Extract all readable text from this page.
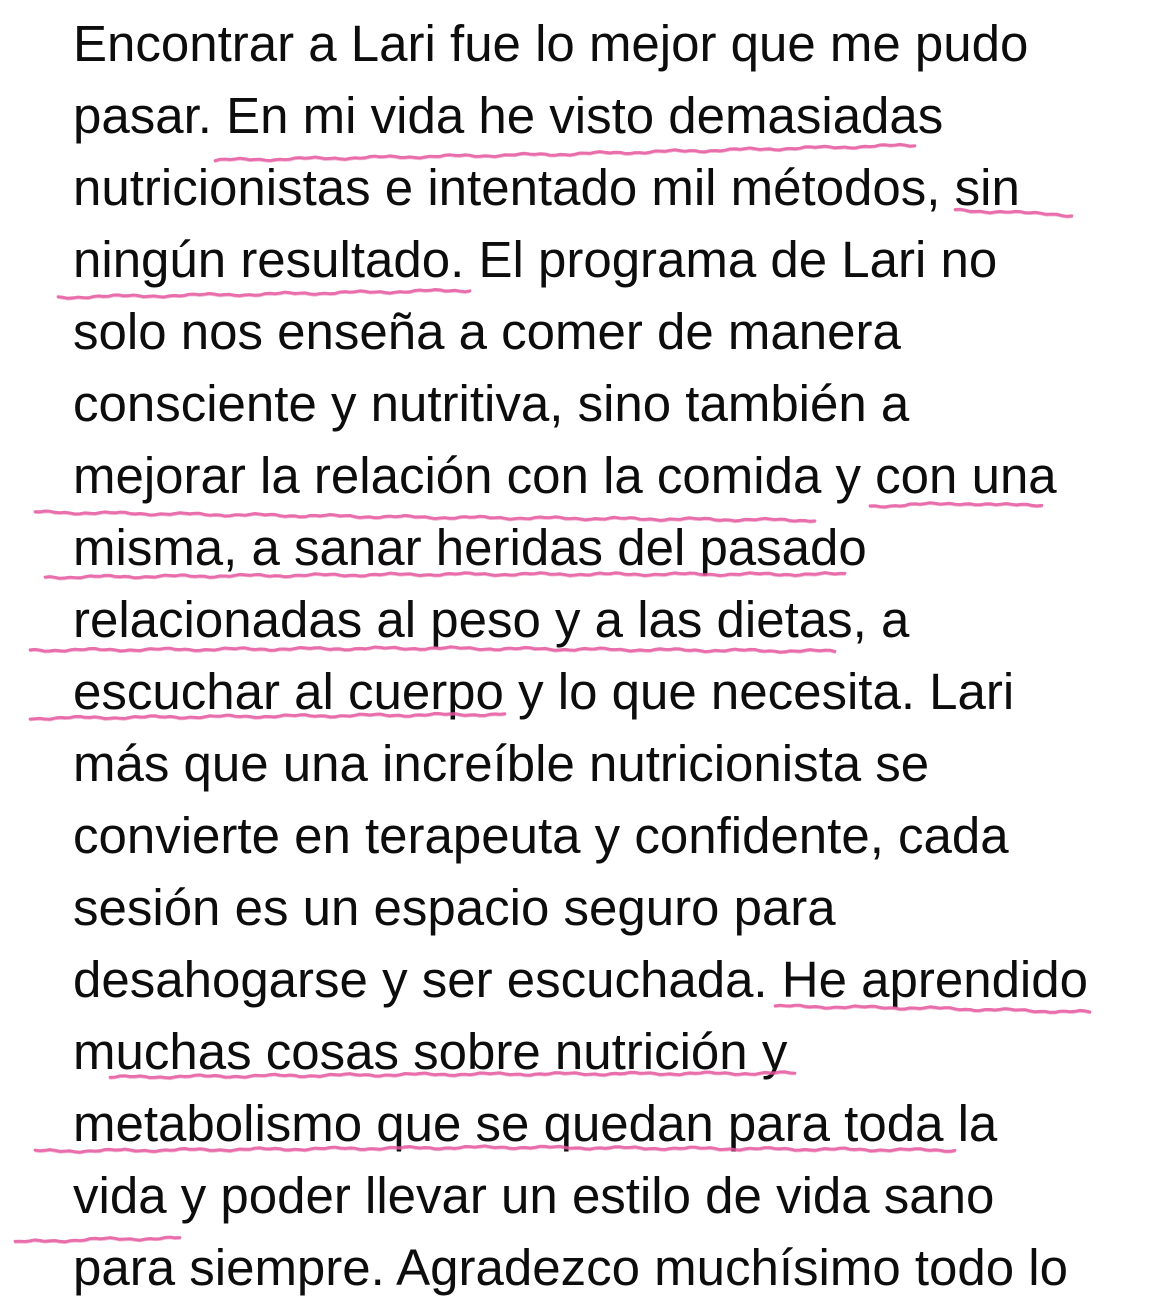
Encontrar a Lari fue lo mejor que me pudo
pasar. En mi vida he visto demasiadas
nutricionistas e intentado mil métodos, sin
ningún resultado. El programa de Lari no
solo nos enseña a comer de manera
consciente y nutritiva, sino también a
mejorar la relación con la comida y con una
misma, a sanar heridas del pasado
relacionadas al peso y a las dietas, a
escuchar al cuerpo y lo que necesita. Lari
más que una increíble nutricionista se
convierte en terapeuta y confidente, cada
sesión es un espacio seguro para
desahogarse y ser escuchada. He aprendido
muchas cosas sobre nutrición y
metabolismo que se quedan para toda la
vida y poder llevar un estilo de vida sano
para siempre. Agradezco muchísimo todo lo
